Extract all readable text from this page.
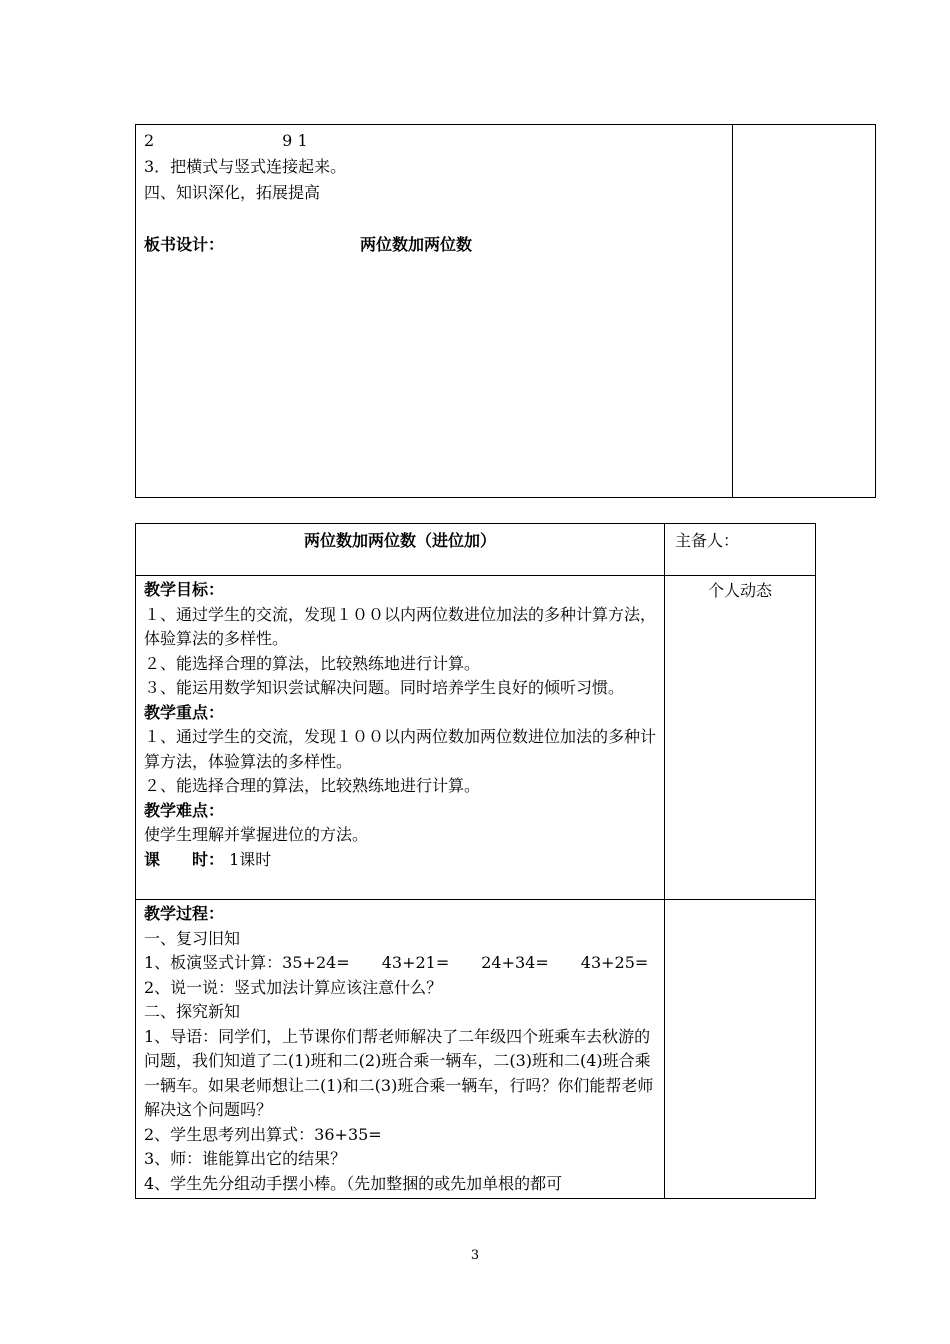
2　　　　　　　　9 1
3．把横式与竖式连接起来。
四、知识深化，拓展提高
板书设计：	两位数加两位数
两位数加两位数（进位加）	主备人：
教学目标：
１、通过学生的交流，发现１００以内两位数进位加法的多种计算方法，体验算法的多样性。
２、能选择合理的算法，比较熟练地进行计算。
３、能运用数学知识尝试解决问题。同时培养学生良好的倾听习惯。
教学重点：
１、通过学生的交流，发现１００以内两位数加两位数进位加法的多种计算方法，体验算法的多样性。
２、能选择合理的算法，比较熟练地进行计算。
教学难点：
使学生理解并掌握进位的方法。
课　　时： 1课时
个人动态
教学过程：
一、复习旧知
1、板演竖式计算：35+24=　　43+21=　　24+34=　　43+25=
2、说一说：竖式加法计算应该注意什么？
二、探究新知
1、导语：同学们，上节课你们帮老师解决了二年级四个班乘车去秋游的问题，我们知道了二(1)班和二(2)班合乘一辆车，二(3)班和二(4)班合乘一辆车。如果老师想让二(1)和二(3)班合乘一辆车，行吗？你们能帮老师解决这个问题吗？
2、学生思考列出算式：36+35=
3、师：谁能算出它的结果？
4、学生先分组动手摆小棒。（先加整捆的或先加单根的都可
3
